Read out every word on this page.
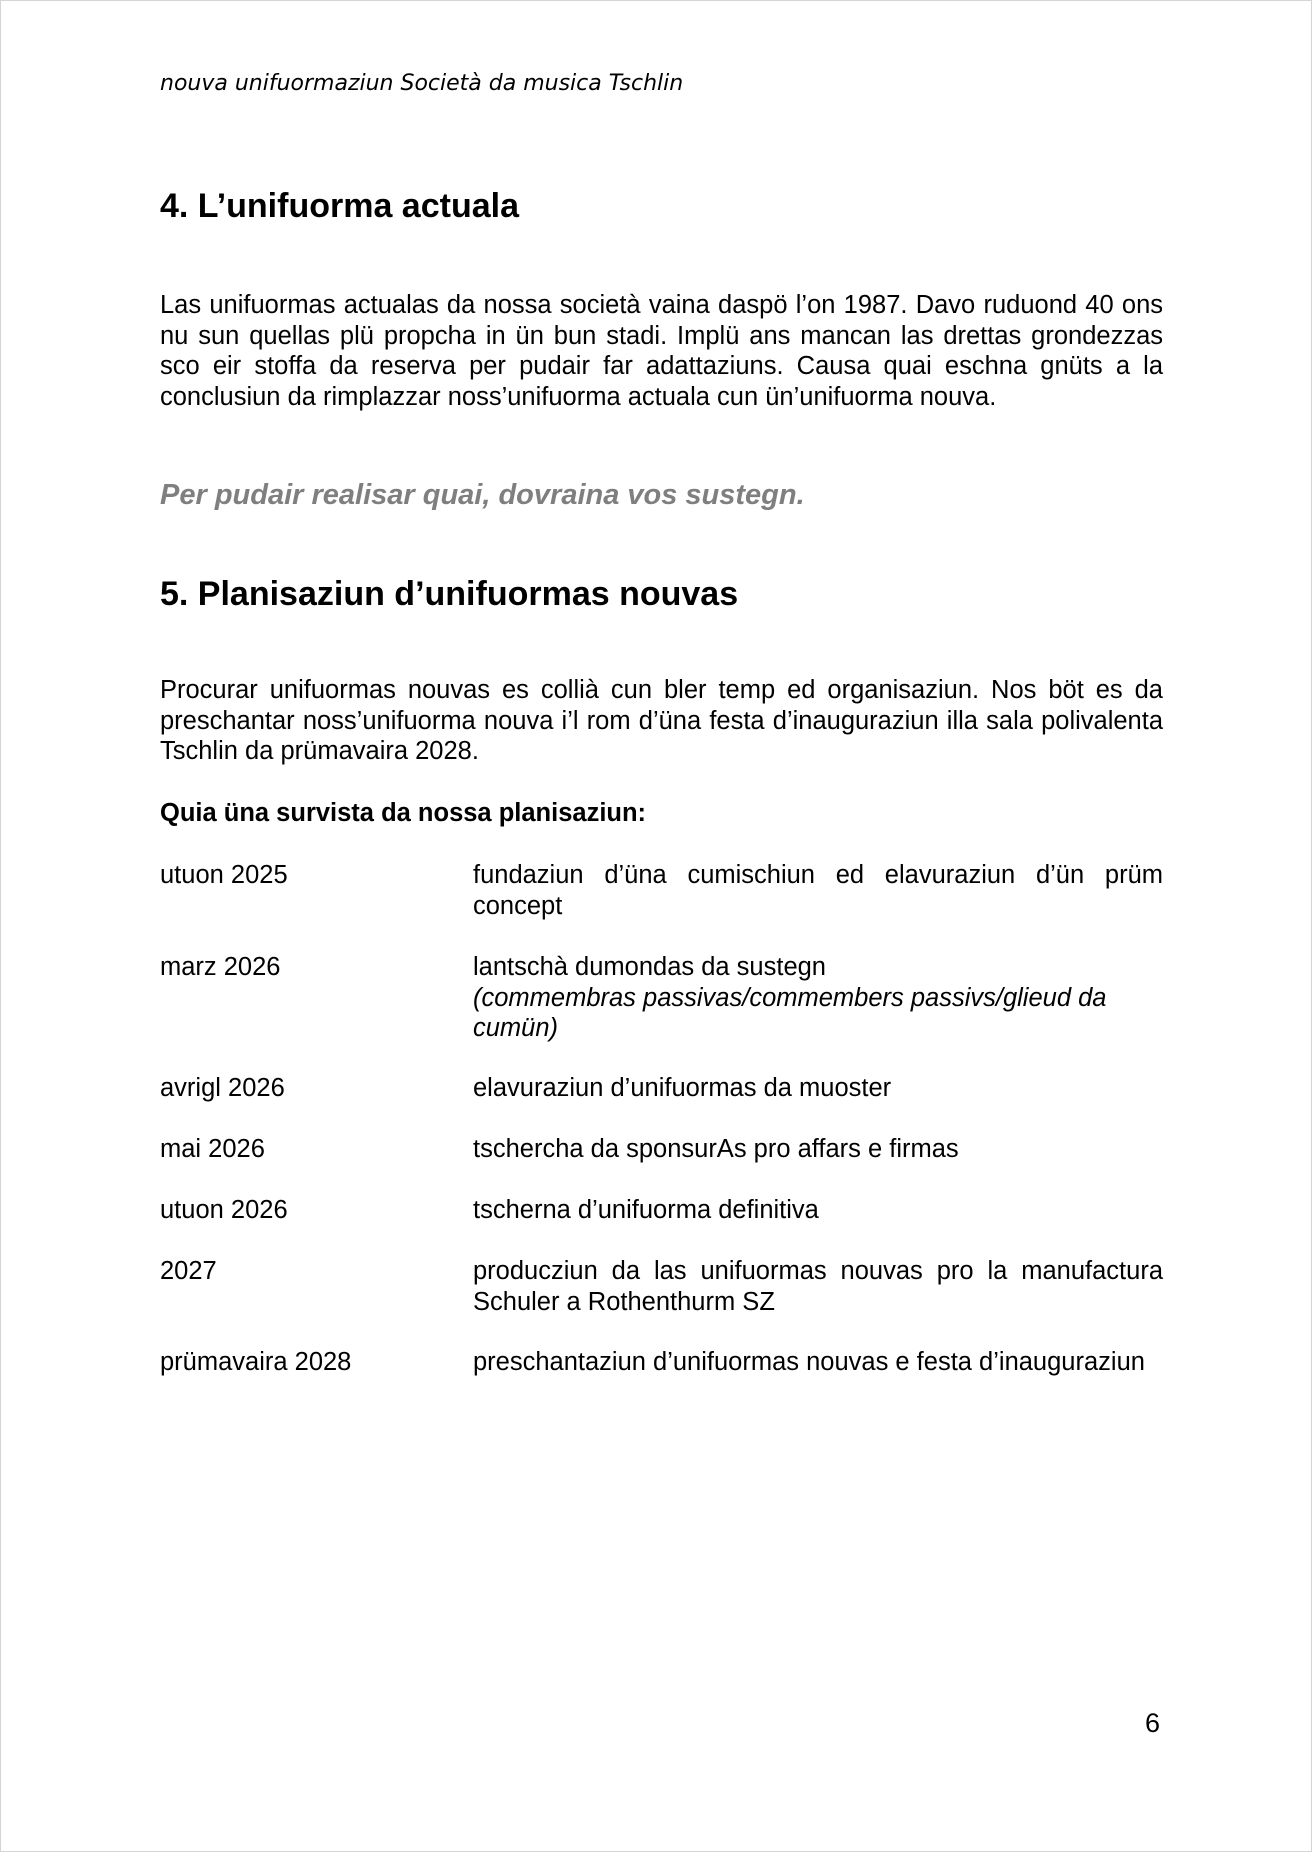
nouva unifuormaziun Società da musica Tschlin
4. L’unifuorma actuala

Las unifuormas actualas da nossa società vaina daspö l’on 1987. Davo ruduond 40 ons nu sun quellas plü propcha in ün bun stadi. Implü ans mancan las drettas grondezzas sco eir stoffa da reserva per pudair far adattaziuns. Causa quai eschna gnüts a la conclusiun da rimplazzar noss’unifuorma actuala cun ün’unifuorma nouva.

Per pudair realisar quai, dovraina vos sustegn.
5. Planisaziun d’unifuormas nouvas

Procurar unifuormas nouvas es collià cun bler temp ed organisaziun. Nos böt es da preschantar noss’unifuorma nouva i’l rom d’üna festa d’inauguraziun illa sala polivalenta Tschlin da prümavaira 2028.

Quia üna survista da nossa planisaziun:
utuon 2025	fundaziun d’üna cumischiun ed elavuraziun d’ün prüm concept
marz 2026	lantschà dumondas da sustegn
(commembras passivas/commembers passivs/glieud da cumün)
avrigl 2026	elavuraziun d’unifuormas da muoster
mai 2026	tschercha da sponsurAs pro affars e firmas
utuon 2026	tscherna d’unifuorma definitiva
2027	producziun da las unifuormas nouvas pro la manufactura Schuler a Rothenthurm SZ
prümavaira 2028	preschantaziun d’unifuormas nouvas e festa d’inauguraziun
6
